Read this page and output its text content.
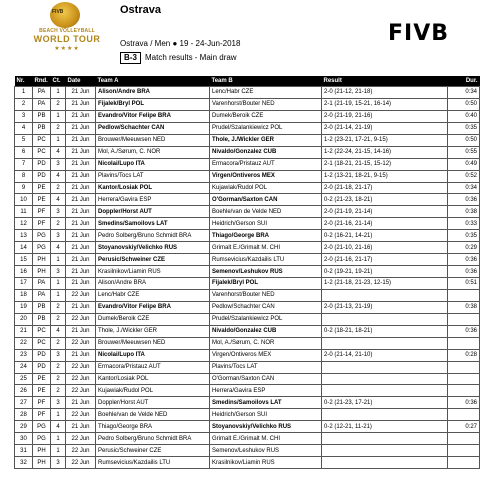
FIVB
BEACH VOLLEYBALL
WORLD TOUR
★★★★
Ostrava
Ostrava / Men ● 19 - 24-Jun-2018
B-3	Match results - Main draw
FIVB
Nr.	Rnd.	Ct.	Date	Team A	Team B	Result	Dur.
1	PA	1	21 Jun	Alison/Andre BRA	Lenc/Habr CZE	2-0 (21-12, 21-18)	0:34
2	PA	2	21 Jun	Fijalek/Bryl POL	Varenhorst/Bouter NED	2-1 (21-19, 15-21, 16-14)	0:50
3	PB	1	21 Jun	Evandro/Vitor Felipe BRA	Dumek/Beroik CZE	2-0 (21-19, 21-16)	0:40
4	PB	2	21 Jun	Pedlow/Schachter CAN	Prudel/Szalankiewicz POL	2-0 (21-14, 21-19)	0:35
5	PC	1	21 Jun	Brouwer/Meeuwsen NED	Thole, J./Wickler GER	1-2 (23-21, 17-21, 9-15)	0:50
6	PC	4	21 Jun	Mol, A./Sørum, C. NOR	Nivaldo/Gonzalez CUB	1-2 (22-24, 21-15, 14-16)	0:55
7	PD	3	21 Jun	Nicolai/Lupo ITA	Ermacora/Pristauz AUT	2-1 (18-21, 21-15, 15-12)	0:49
8	PD	4	21 Jun	Plavins/Tocs LAT	Virgen/Ontiveros MEX	1-2 (13-21, 18-21, 9-15)	0:52
9	PE	2	21 Jun	Kantor/Losiak POL	Kujawiak/Rudol POL	2-0 (21-18, 21-17)	0:34
10	PE	4	21 Jun	Herrera/Gavira ESP	O'Gorman/Saxton CAN	0-2 (21-23, 18-21)	0:36
11	PF	3	21 Jun	Doppler/Horst AUT	Boehle/van de Velde NED	2-0 (21-19, 21-14)	0:38
12	PF	2	21 Jun	Smedins/Samoilovs LAT	Heidrich/Gerson SUI	2-0 (21-16, 21-14)	0:33
13	PG	3	21 Jun	Pedro Solberg/Bruno Schmidt BRA	Thiago/George BRA	0-2 (16-21, 14-21)	0:35
14	PG	4	21 Jun	Stoyanovskiy/Velichko RUS	Grimalt E./Grimalt M. CHI	2-0 (21-10, 21-16)	0:29
15	PH	1	21 Jun	Perusic/Schweiner CZE	Rumsevicius/Kazdailis LTU	2-0 (21-16, 21-17)	0:36
16	PH	3	21 Jun	Krasilnikov/Liamin RUS	Semenov/Leshukov RUS	0-2 (19-21, 19-21)	0:36
17	PA	1	21 Jun	Alison/Andre BRA	Fijalek/Bryl POL	1-2 (21-18, 21-23, 12-15)	0:51
18	PA	1	22 Jun	Lenc/Habr CZE	Varenhorst/Bouter NED		
19	PB	2	21 Jun	Evandro/Vitor Felipe BRA	Pedlow/Schachter CAN	2-0 (21-13, 21-19)	0:38
20	PB	2	22 Jun	Dumek/Beroik CZE	Prudel/Szalankiewicz POL		
21	PC	4	21 Jun	Thole, J./Wickler GER	Nivaldo/Gonzalez CUB	0-2 (18-21, 18-21)	0:36
22	PC	2	22 Jun	Brouwer/Meeuwsen NED	Mol, A./Sørum, C. NOR		
23	PD	3	21 Jun	Nicolai/Lupo ITA	Virgen/Ontiveros MEX	2-0 (21-14, 21-10)	0:28
24	PD	2	22 Jun	Ermacora/Pristauz AUT	Plavins/Tocs LAT		
25	PE	2	22 Jun	Kantor/Losiak POL	O'Gorman/Saxton CAN		
26	PE	2	22 Jun	Kujawiak/Rudol POL	Herrera/Gavira ESP		
27	PF	3	21 Jun	Doppler/Horst AUT	Smedins/Samoilovs LAT	0-2 (21-23, 17-21)	0:36
28	PF	1	22 Jun	Boehle/van de Velde NED	Heidrich/Gerson SUI		
29	PG	4	21 Jun	Thiago/George BRA	Stoyanovskiy/Velichko RUS	0-2 (12-21, 11-21)	0:27
30	PG	1	22 Jun	Pedro Solberg/Bruno Schmidt BRA	Grimalt E./Grimalt M. CHI		
31	PH	1	22 Jun	Perusic/Schweiner CZE	Semenov/Leshukov RUS		
32	PH	3	22 Jun	Rumsevicius/Kazdailis LTU	Krasilnikov/Liamin RUS		
